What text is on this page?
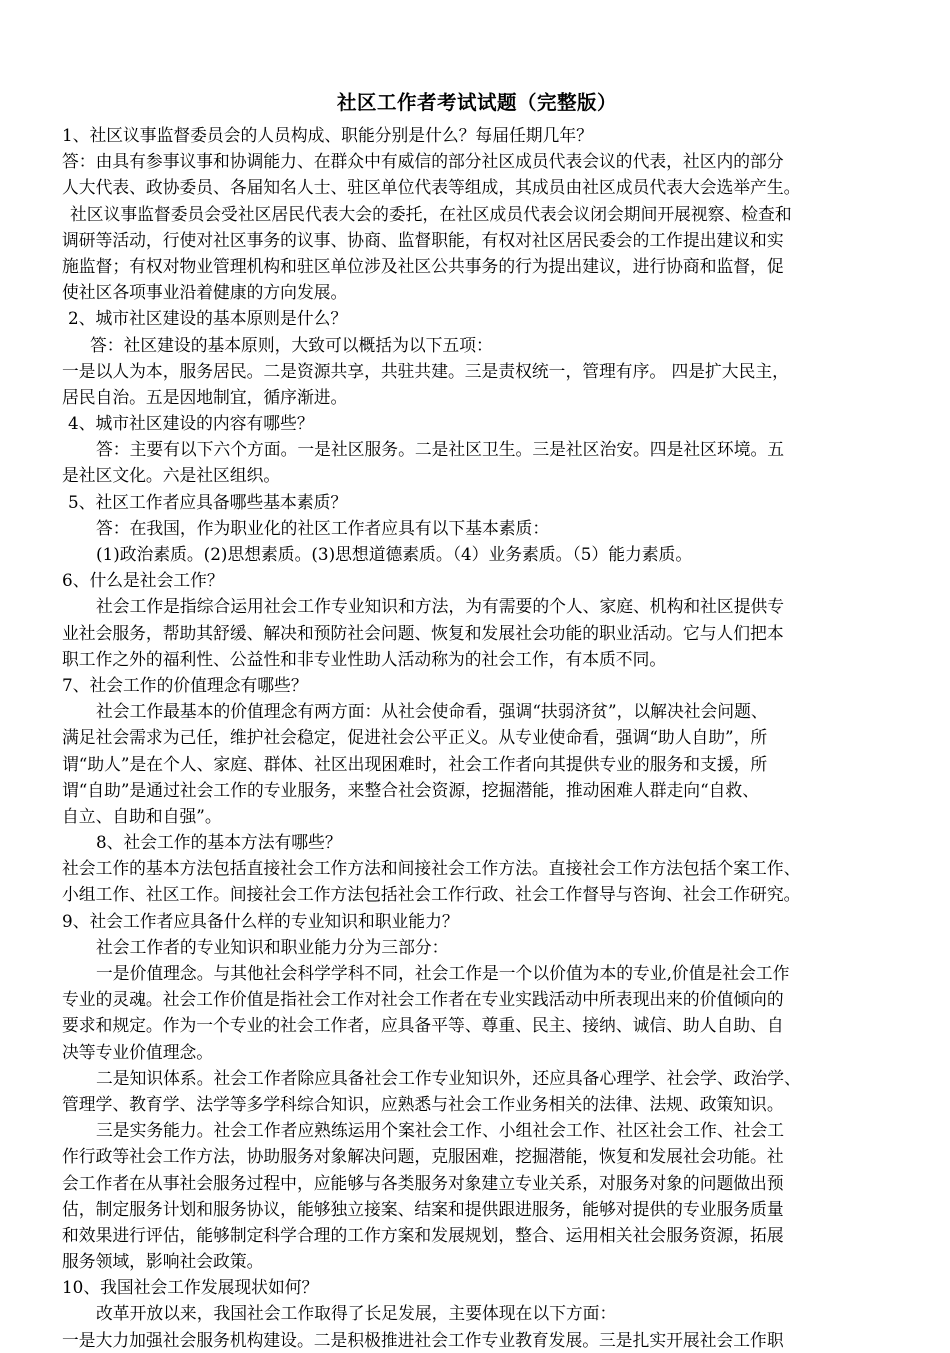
社区工作者考试试题（完整版）
1、社区议事监督委员会的人员构成、职能分别是什么？每届任期几年？
答：由具有参事议事和协调能力、在群众中有威信的部分社区成员代表会议的代表，社区内的部分
人大代表、政协委员、各届知名人士、驻区单位代表等组成，其成员由社区成员代表大会选举产生。
社区议事监督委员会受社区居民代表大会的委托，在社区成员代表会议闭会期间开展视察、检查和
调研等活动，行使对社区事务的议事、协商、监督职能，有权对社区居民委会的工作提出建议和实
施监督；有权对物业管理机构和驻区单位涉及社区公共事务的行为提出建议，进行协商和监督，促
使社区各项事业沿着健康的方向发展。
2、城市社区建设的基本原则是什么？
答：社区建设的基本原则，大致可以概括为以下五项：
一是以人为本，服务居民。二是资源共享，共驻共建。三是责权统一，管理有序。 四是扩大民主，
居民自治。五是因地制宜，循序渐进。
4、城市社区建设的内容有哪些？
答：主要有以下六个方面。一是社区服务。二是社区卫生。三是社区治安。四是社区环境。五
是社区文化。六是社区组织。
5、社区工作者应具备哪些基本素质？
答：在我国，作为职业化的社区工作者应具有以下基本素质：
(1)政治素质。(2)思想素质。(3)思想道德素质。（4）业务素质。（5）能力素质。
6、什么是社会工作？
社会工作是指综合运用社会工作专业知识和方法，为有需要的个人、家庭、机构和社区提供专
业社会服务，帮助其舒缓、解决和预防社会问题、恢复和发展社会功能的职业活动。它与人们把本
职工作之外的福利性、公益性和非专业性助人活动称为的社会工作，有本质不同。
7、社会工作的价值理念有哪些？
社会工作最基本的价值理念有两方面：从社会使命看，强调“扶弱济贫”，以解决社会问题、
满足社会需求为己任，维护社会稳定，促进社会公平正义。从专业使命看，强调“助人自助”，所
谓“助人”是在个人、家庭、群体、社区出现困难时，社会工作者向其提供专业的服务和支援，所
谓“自助”是通过社会工作的专业服务，来整合社会资源，挖掘潜能，推动困难人群走向“自救、
自立、自助和自强”。
8、社会工作的基本方法有哪些？
社会工作的基本方法包括直接社会工作方法和间接社会工作方法。直接社会工作方法包括个案工作、
小组工作、社区工作。间接社会工作方法包括社会工作行政、社会工作督导与咨询、社会工作研究。
9、社会工作者应具备什么样的专业知识和职业能力？
社会工作者的专业知识和职业能力分为三部分：
一是价值理念。与其他社会科学学科不同，社会工作是一个以价值为本的专业,价值是社会工作
专业的灵魂。社会工作价值是指社会工作对社会工作者在专业实践活动中所表现出来的价值倾向的
要求和规定。作为一个专业的社会工作者，应具备平等、尊重、民主、接纳、诚信、助人自助、自
决等专业价值理念。
二是知识体系。社会工作者除应具备社会工作专业知识外，还应具备心理学、社会学、政治学、
管理学、教育学、法学等多学科综合知识，应熟悉与社会工作业务相关的法律、法规、政策知识。
三是实务能力。社会工作者应熟练运用个案社会工作、小组社会工作、社区社会工作、社会工
作行政等社会工作方法，协助服务对象解决问题，克服困难，挖掘潜能，恢复和发展社会功能。社
会工作者在从事社会服务过程中，应能够与各类服务对象建立专业关系，对服务对象的问题做出预
估，制定服务计划和服务协议，能够独立接案、结案和提供跟进服务，能够对提供的专业服务质量
和效果进行评估，能够制定科学合理的工作方案和发展规划，整合、运用相关社会服务资源，拓展
服务领域，影响社会政策。
10、我国社会工作发展现状如何？
改革开放以来，我国社会工作取得了长足发展，主要体现在以下方面：
一是大力加强社会服务机构建设。二是积极推进社会工作专业教育发展。三是扎实开展社会工作职
